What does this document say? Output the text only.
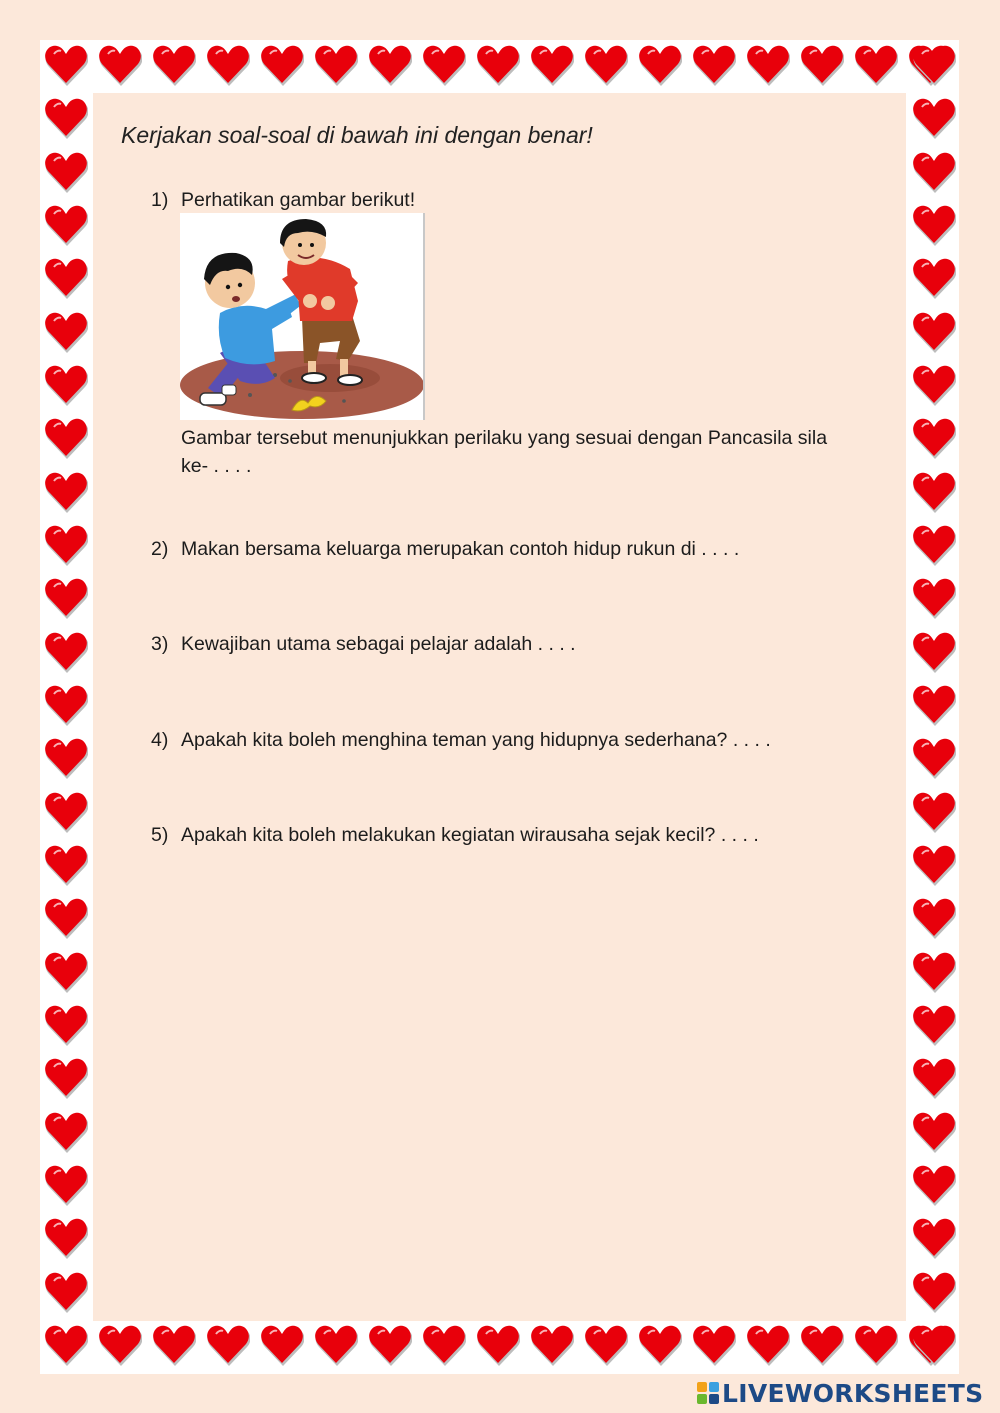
Kerjakan soal-soal di bawah ini dengan benar!
1) Perhatikan gambar berikut!
Gambar tersebut menunjukkan perilaku yang sesuai dengan Pancasila sila ke- . . . .
2) Makan bersama keluarga merupakan contoh hidup rukun di . . . .
3) Kewajiban utama sebagai pelajar adalah . . . .
4) Apakah kita boleh menghina teman yang hidupnya sederhana? . . . .
5) Apakah kita boleh melakukan kegiatan wirausaha sejak kecil? . . . .
LIVEWORKSHEETS
